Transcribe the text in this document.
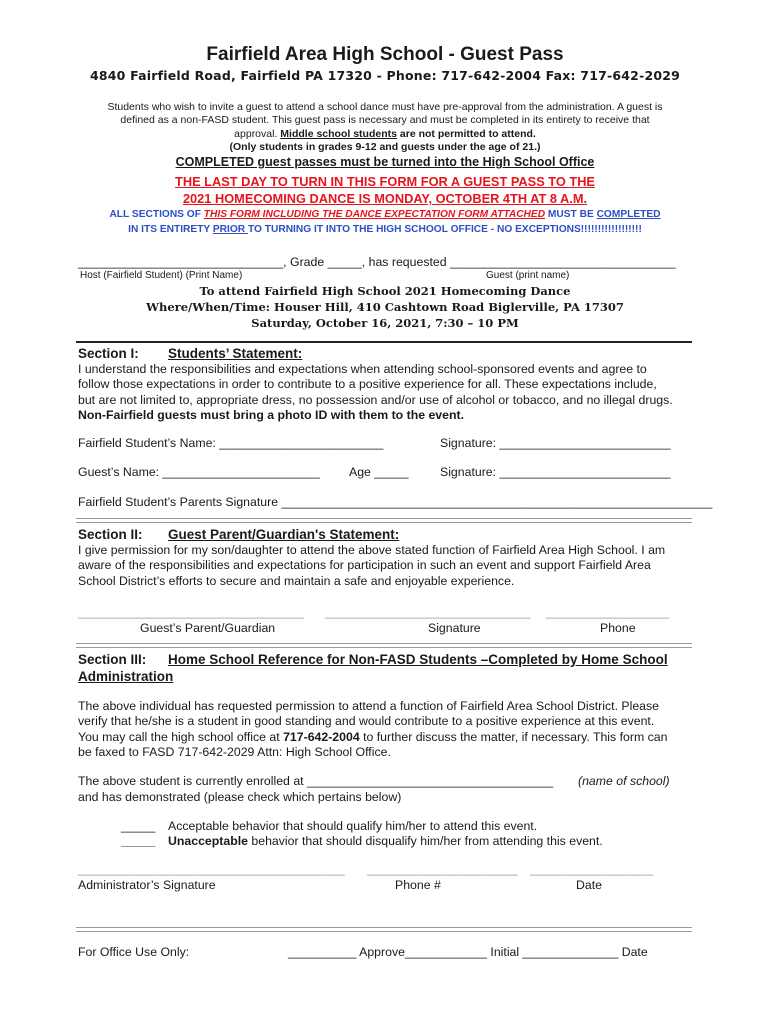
Fairfield Area High School - Guest Pass
4840 Fairfield Road, Fairfield PA 17320 - Phone: 717-642-2004 Fax: 717-642-2029
Students who wish to invite a guest to attend a school dance must have pre-approval from the administration. A guest is
defined as a non-FASD student. This guest pass is necessary and must be completed in its entirety to receive that
approval. Middle school students are not permitted to attend.
(Only students in grades 9-12 and guests under the age of 21.)
COMPLETED guest passes must be turned into the High School Office
THE LAST DAY TO TURN IN THIS FORM FOR A GUEST PASS TO THE
2021 HOMECOMING DANCE IS MONDAY, OCTOBER 4TH AT 8 A.M.
ALL SECTIONS OF THIS FORM INCLUDING THE DANCE EXPECTATION FORM ATTACHED MUST BE COMPLETED
IN ITS ENTIRETY PRIOR TO TURNING IT INTO THE HIGH SCHOOL OFFICE - NO EXCEPTIONS!!!!!!!!!!!!!!!!!!
______________________________, Grade _____, has requested _________________________________
Host (Fairfield Student) (Print Name)	Guest (print name)
To attend Fairfield High School 2021 Homecoming Dance
Where/When/Time: Houser Hill, 410 Cashtown Road Biglerville, PA 17307
Saturday, October 16, 2021, 7:30 – 10 PM
Section I: Students’ Statement:
I understand the responsibilities and expectations when attending school-sponsored events and agree to
follow those expectations in order to contribute to a positive experience for all. These expectations include,
but are not limited to, appropriate dress, no possession and/or use of alcohol or tobacco, and no illegal drugs.
Non-Fairfield guests must bring a photo ID with them to the event.
Fairfield Student’s Name: ________________________	Signature: _________________________
Guest’s Name: _______________________ Age _____	Signature: _________________________
Fairfield Student’s Parents Signature _______________________________________________________________
Section II: Guest Parent/Guardian's Statement:
I give permission for my son/daughter to attend the above stated function of Fairfield Area High School. I am
aware of the responsibilities and expectations for participation in such an event and support Fairfield Area
School District’s efforts to secure and maintain a safe and enjoyable experience.
_________________________________ ______________________________ __________________
Guest’s Parent/Guardian	Signature	Phone
Section III: Home School Reference for Non-FASD Students –Completed by Home School
Administration
The above individual has requested permission to attend a function of Fairfield Area School District. Please
verify that he/she is a student in good standing and would contribute to a positive experience at this event.
You may call the high school office at 717-642-2004 to further discuss the matter, if necessary. This form can
be faxed to FASD 717-642-2029 Attn: High School Office.
The above student is currently enrolled at ____________________________________ (name of school)
and has demonstrated (please check which pertains below)
_____ Acceptable behavior that should qualify him/her to attend this event.
_____ Unacceptable behavior that should disqualify him/her from attending this event.
_______________________________________ ______________________ __________________
Administrator’s Signature	Phone #	Date
For Office Use Only:	__________ Approve____________ Initial ______________ Date
